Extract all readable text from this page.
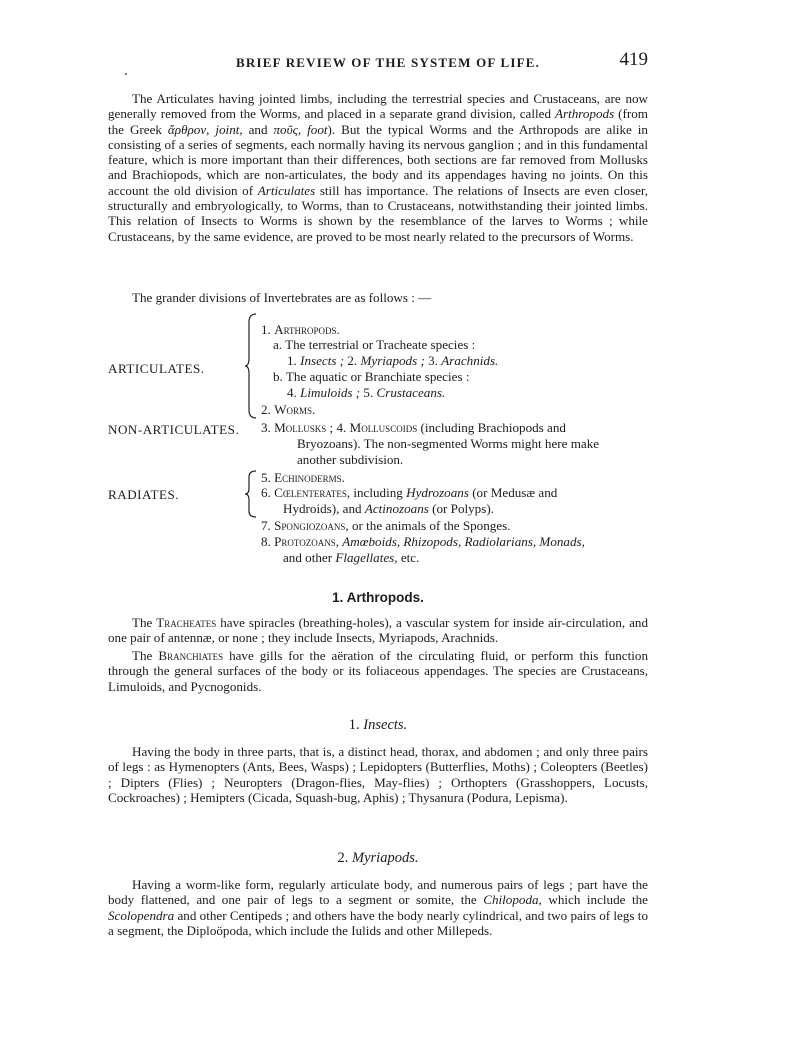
BRIEF REVIEW OF THE SYSTEM OF LIFE.	419
The Articulates having jointed limbs, including the terrestrial species and Crustaceans, are now generally removed from the Worms, and placed in a separate grand division, called Arthropods (from the Greek ἄρθρον, joint, and ποῦς, foot). But the typical Worms and the Arthropods are alike in consisting of a series of segments, each normally having its nervous ganglion ; and in this fundamental feature, which is more important than their differences, both sections are far removed from Mollusks and Brachiopods, which are non-articulates, the body and its appendages having no joints. On this account the old division of Articulates still has importance. The relations of Insects are even closer, structurally and embryologically, to Worms, than to Crustaceans, notwithstanding their jointed limbs. This relation of Insects to Worms is shown by the resemblance of the larves to Worms ; while Crustaceans, by the same evidence, are proved to be most nearly related to the precursors of Worms.
The grander divisions of Invertebrates are as follows : —
ARTICULATES.
NON-ARTICULATES.
RADIATES.
1. Arthropods.
a. The terrestrial or Tracheate species :
1. Insects ; 2. Myriapods ; 3. Arachnids.
b. The aquatic or Branchiate species :
4. Limuloids ; 5. Crustaceans.
2. Worms.
3. Mollusks ; 4. Molluscoids (including Brachiopods and
Bryozoans). The non-segmented Worms might here make
another subdivision.
5. Echinoderms.
6. Cœlenterates, including Hydrozoans (or Medusæ and
Hydroids), and Actinozoans (or Polyps).
7. Spongiozoans, or the animals of the Sponges.
8. Protozoans, Amœboids, Rhizopods, Radiolarians, Monads,
and other Flagellates, etc.
1. Arthropods.
The Tracheates have spiracles (breathing-holes), a vascular system for inside air-circulation, and one pair of antennæ, or none ; they include Insects, Myriapods, Arachnids.
The Branchiates have gills for the aëration of the circulating fluid, or perform this function through the general surfaces of the body or its foliaceous appendages. The species are Crustaceans, Limuloids, and Pycnogonids.
1. Insects.
Having the body in three parts, that is, a distinct head, thorax, and abdomen ; and only three pairs of legs : as Hymenopters (Ants, Bees, Wasps) ; Lepidopters (Butterflies, Moths) ; Coleopters (Beetles) ; Dipters (Flies) ; Neuropters (Dragon-flies, May-flies) ; Orthopters (Grasshoppers, Locusts, Cockroaches) ; Hemipters (Cicada, Squash-bug, Aphis) ; Thysanura (Podura, Lepisma).
2. Myriapods.
Having a worm-like form, regularly articulate body, and numerous pairs of legs ; part have the body flattened, and one pair of legs to a segment or somite, the Chilopoda, which include the Scolopendra and other Centipeds ; and others have the body nearly cylindrical, and two pairs of legs to a segment, the Diploöpoda, which include the Iulids and other Millepeds.
